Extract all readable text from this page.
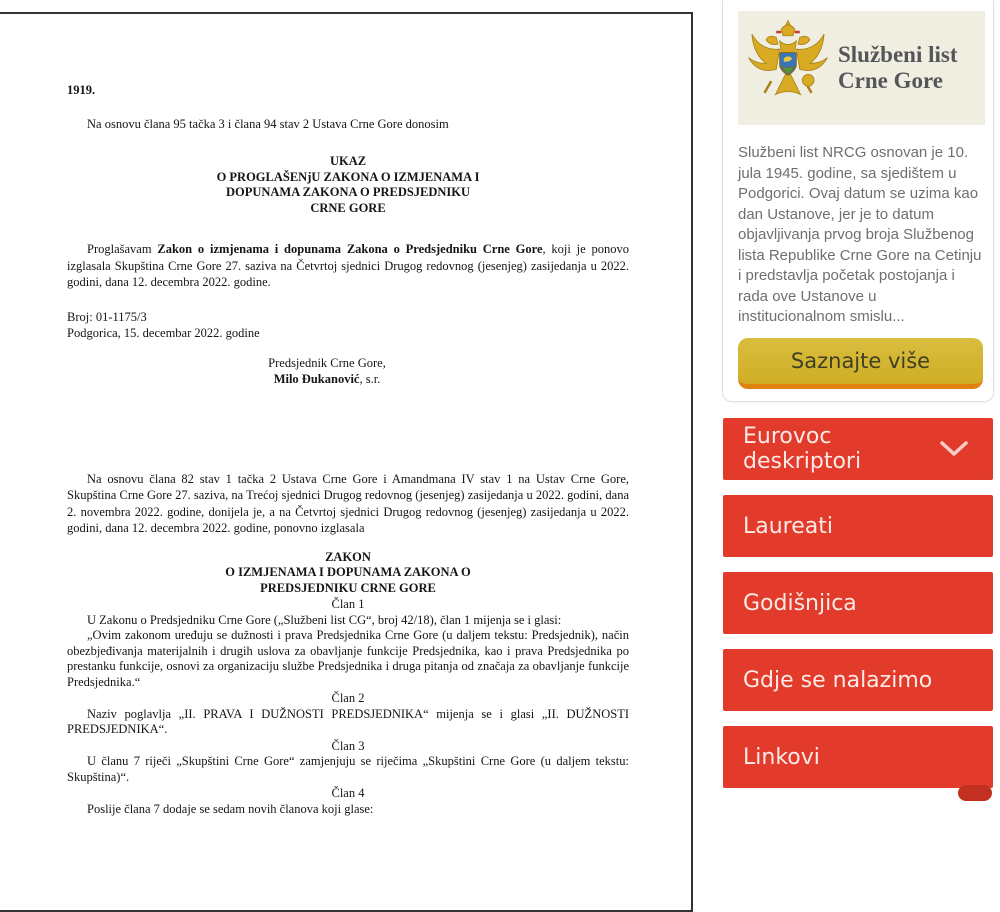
1919.

Na osnovu člana 95 tačka 3 i člana 94 stav 2 Ustava Crne Gore donosim

UKAZ
O PROGLAŠENjU ZAKONA O IZMJENAMA I
DOPUNAMA ZAKONA O PREDSJEDNIKU
CRNE GORE

Proglašavam Zakon o izmjenama i dopunama Zakona o Predsjedniku Crne Gore, koji je ponovo izglasala Skupština Crne Gore 27. saziva na Četvrtoj sjednici Drugog redovnog (jesenjeg) zasijedanja u 2022. godini, dana 12. decembra 2022. godine.

Broj: 01-1175/3
Podgorica, 15. decembar 2022. godine
Predsjednik Crne Gore,
Milo Đukanović, s.r.

Na osnovu člana 82 stav 1 tačka 2 Ustava Crne Gore i Amandmana IV stav 1 na Ustav Crne Gore, Skupština Crne Gore 27. saziva, na Trećoj sjednici Drugog redovnog (jesenjeg) zasijedanja u 2022. godini, dana 2. novembra 2022. godine, donijela je, a na Četvrtoj sjednici Drugog redovnog (jesenjeg) zasijedanja u 2022. godini, dana 12. decembra 2022. godine, ponovno izglasala

ZAKON
O IZMJENAMA I DOPUNAMA ZAKONA O
PREDSJEDNIKU CRNE GORE
Član 1

U Zakonu o Predsjedniku Crne Gore („Službeni list CG“, broj 42/18), član 1 mijenja se i glasi:

„Ovim zakonom uređuju se dužnosti i prava Predsjednika Crne Gore (u daljem tekstu: Predsjednik), način obezbjeđivanja materijalnih i drugih uslova za obavljanje funkcije Predsjednika, kao i prava Predsjednika po prestanku funkcije, osnovi za organizaciju službe Predsjednika i druga pitanja od značaja za obavljanje funkcije Predsjednika.“

Član 2

Naziv poglavlja „II. PRAVA I DUŽNOSTI PREDSJEDNIKA“ mijenja se i glasi „II. DUŽNOSTI PREDSJEDNIKA“.

Član 3

U članu 7 riječi „Skupštini Crne Gore“ zamjenjuju se riječima „Skupštini Crne Gore (u daljem tekstu: Skupština)“.

Član 4

Poslije člana 7 dodaje se sedam novih članova koji glase:

Službeni list
Crne Gore

Službeni list NRCG osnovan je 10. jula 1945. godine, sa sjedištem u Podgorici. Ovaj datum se uzima kao dan Ustanove, jer je to datum objavljivanja prvog broja Službenog lista Republike Crne Gore na Cetinju i predstavlja početak postojanja i rada ove Ustanove u institucionalnom smislu...

Saznajte više
Eurovoc deskriptori
Laureati
Godišnjica
Gdje se nalazimo
Linkovi
